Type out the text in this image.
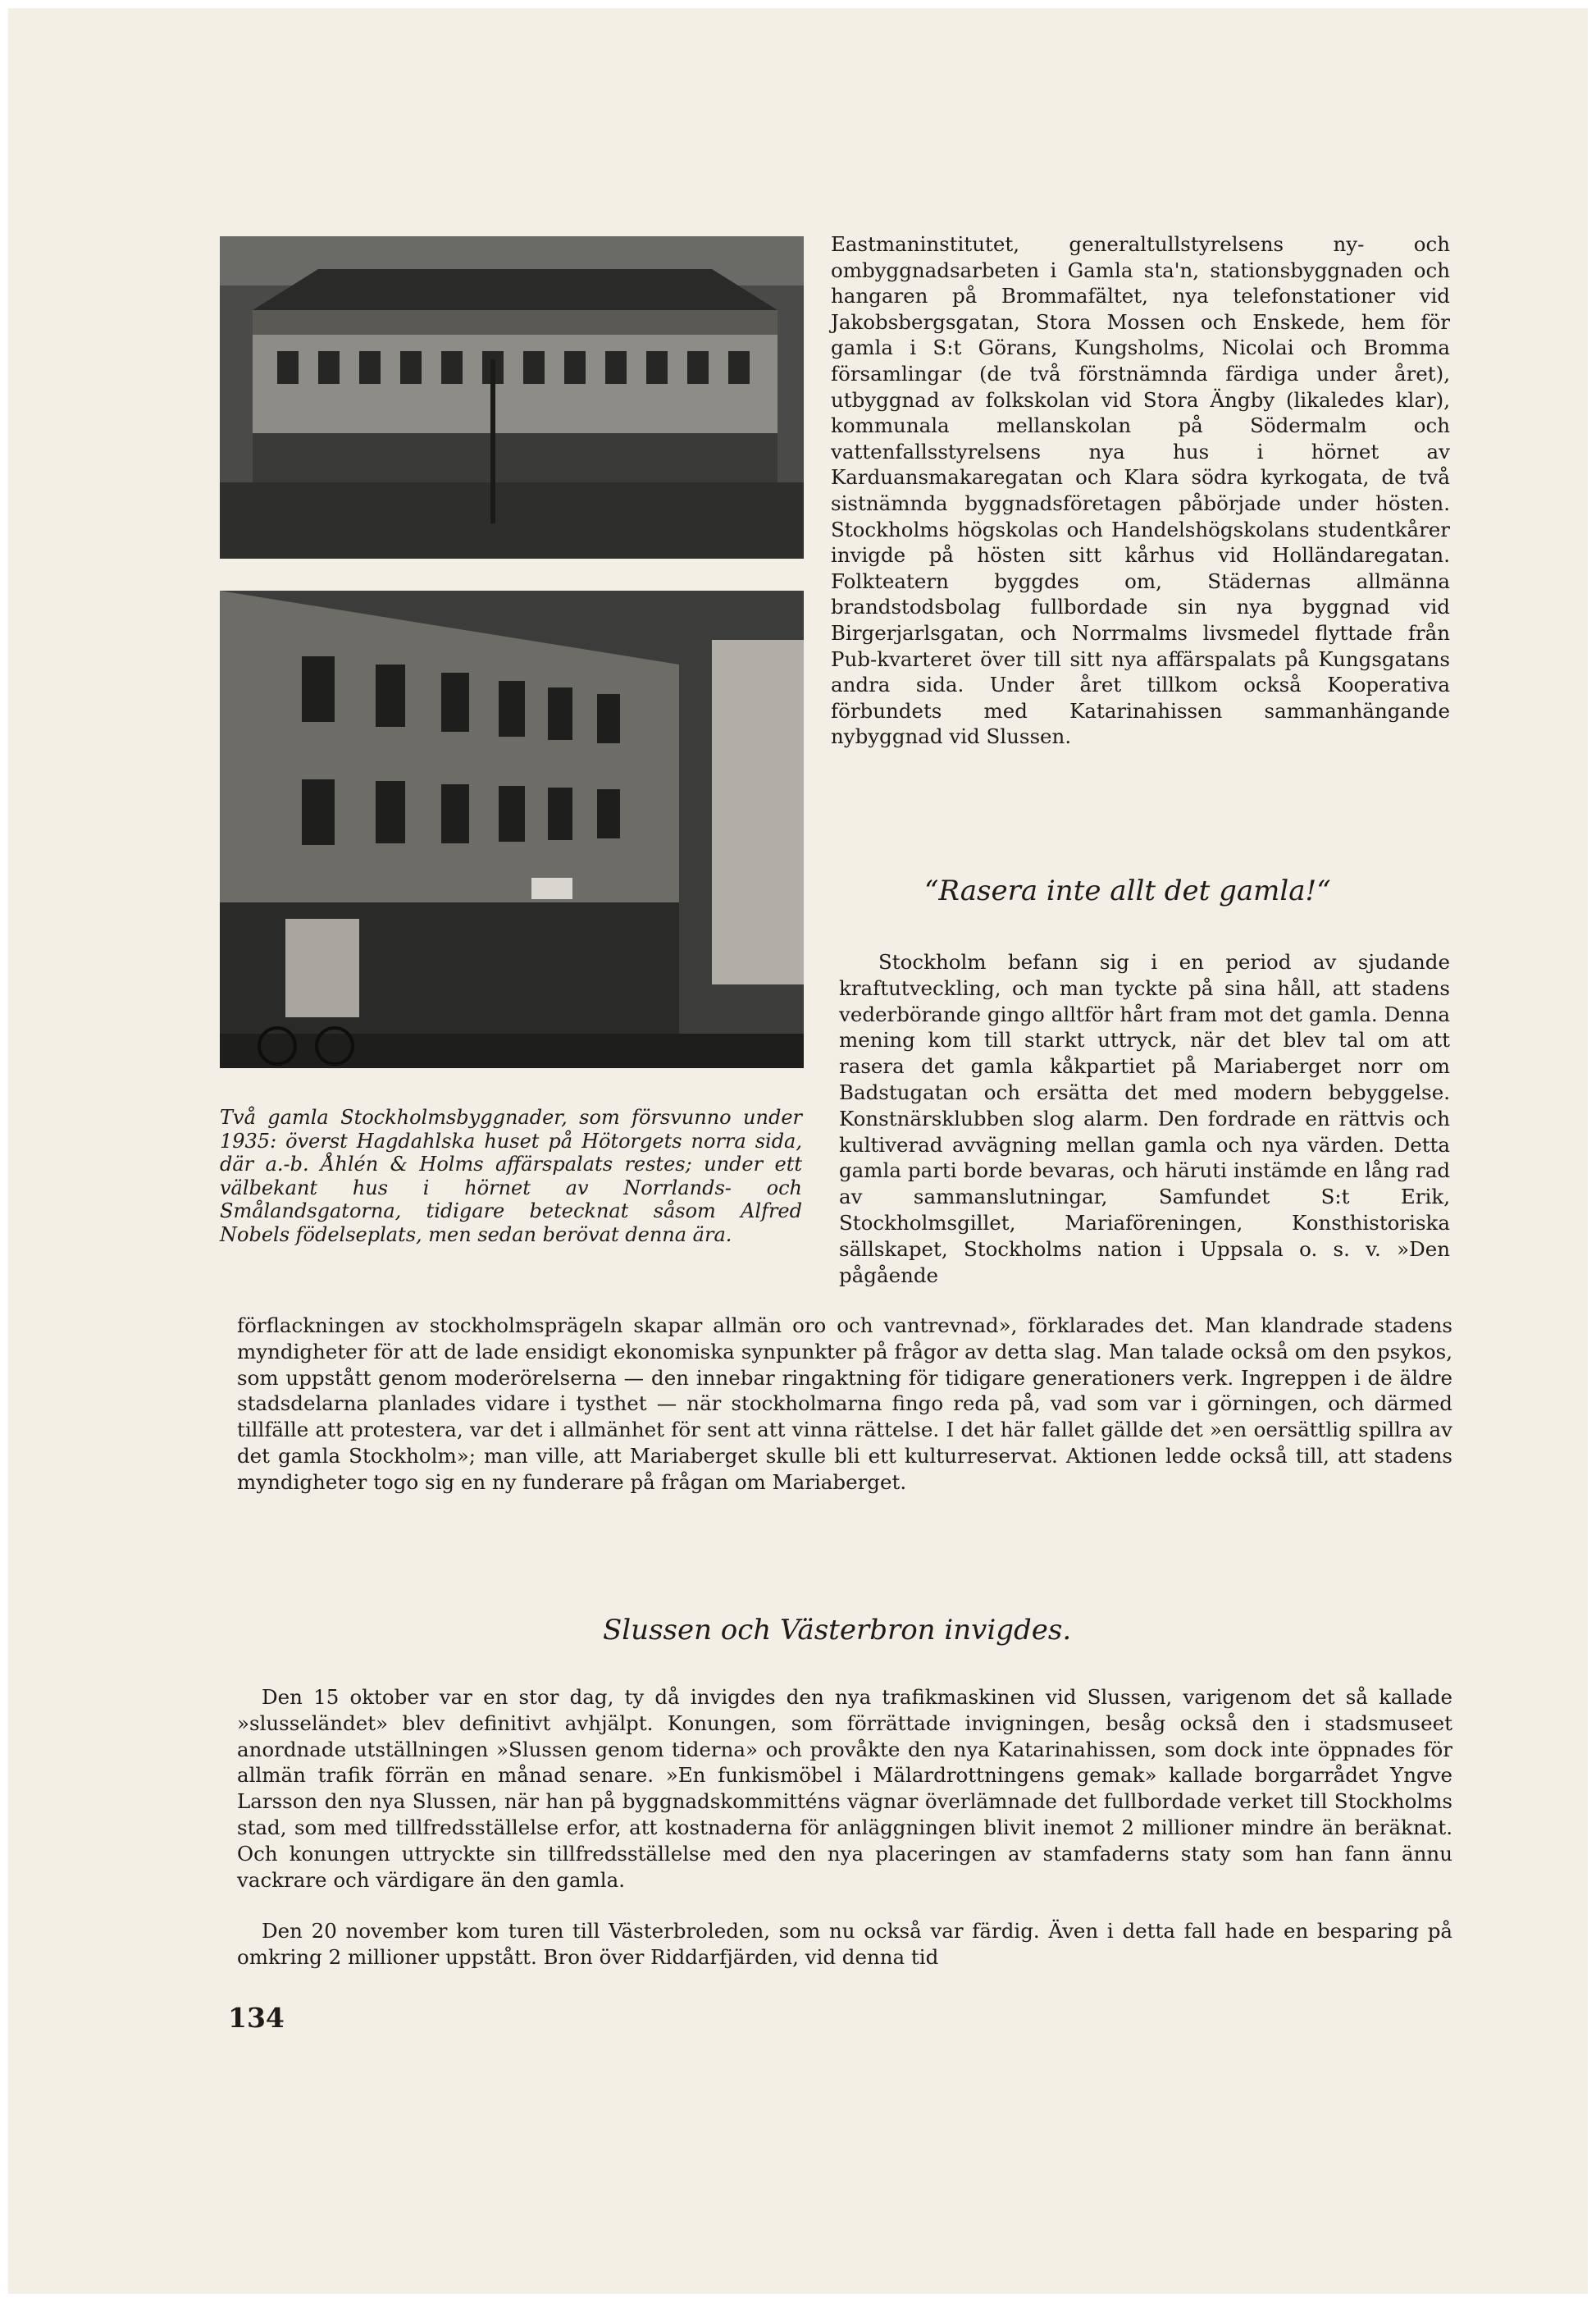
Eastmaninstitutet, generaltullstyrelsens ny- och ombyggnadsarbeten i Gamla sta'n, stationsbyggnaden och hangaren på Brommafältet, nya telefonstationer vid Jakobsbergsgatan, Stora Mossen och Enskede, hem för gamla i S:t Görans, Kungsholms, Nicolai och Bromma församlingar (de två förstnämnda färdiga under året), utbyggnad av folkskolan vid Stora Ängby (likaledes klar), kommunala mellanskolan på Södermalm och vattenfallsstyrelsens nya hus i hörnet av Karduansmakaregatan och Klara södra kyrkogata, de två sistnämnda byggnadsföretagen påbörjade under hösten. Stockholms högskolas och Handelshögskolans studentkårer invigde på hösten sitt kårhus vid Holländaregatan. Folkteatern byggdes om, Städernas allmänna brandstodsbolag fullbordade sin nya byggnad vid Birgerjarlsgatan, och Norrmalms livsmedel flyttade från Pub-kvarteret över till sitt nya affärspalats på Kungsgatans andra sida. Under året tillkom också Kooperativa förbundets med Katarinahissen sammanhängande nybyggnad vid Slussen.

Två gamla Stockholmsbyggnader, som försvunno under 1935: överst Hagdahlska huset på Hötorgets norra sida, där a.-b. Åhlén & Holms affärspalats restes; under ett välbekant hus i hörnet av Norrlands- och Smålandsgatorna, tidigare betecknat såsom Alfred Nobels födelseplats, men sedan berövat denna ära.

“Rasera inte allt det gamla!“

Stockholm befann sig i en period av sjudande kraftutveckling, och man tyckte på sina håll, att stadens vederbörande gingo alltför hårt fram mot det gamla. Denna mening kom till starkt uttryck, när det blev tal om att rasera det gamla kåkpartiet på Mariaberget norr om Badstugatan och ersätta det med modern bebyggelse. Konstnärsklubben slog alarm. Den fordrade en rättvis och kultiverad avvägning mellan gamla och nya värden. Detta gamla parti borde bevaras, och häruti instämde en lång rad av sammanslutningar, Samfundet S:t Erik, Stockholmsgillet, Mariaföreningen, Konsthistoriska sällskapet, Stockholms nation i Uppsala o. s. v. »Den pågående

förflackningen av stockholmsprägeln skapar allmän oro och vantrevnad», förklarades det. Man klandrade stadens myndigheter för att de lade ensidigt ekonomiska synpunkter på frågor av detta slag. Man talade också om den psykos, som uppstått genom moderörelserna — den innebar ringaktning för tidigare generationers verk. Ingreppen i de äldre stadsdelarna planlades vidare i tysthet — när stockholmarna fingo reda på, vad som var i görningen, och därmed tillfälle att protestera, var det i allmänhet för sent att vinna rättelse. I det här fallet gällde det »en oersättlig spillra av det gamla Stockholm»; man ville, att Mariaberget skulle bli ett kulturreservat. Aktionen ledde också till, att stadens myndigheter togo sig en ny funderare på frågan om Mariaberget.

Slussen och Västerbron invigdes.

Den 15 oktober var en stor dag, ty då invigdes den nya trafikmaskinen vid Slussen, varigenom det så kallade »slusseländet» blev definitivt avhjälpt. Konungen, som förrättade invigningen, besåg också den i stadsmuseet anordnade utställningen »Slussen genom tiderna» och provåkte den nya Katarinahissen, som dock inte öppnades för allmän trafik förrän en månad senare. »En funkismöbel i Mälardrottningens gemak» kallade borgarrådet Yngve Larsson den nya Slussen, när han på byggnadskommitténs vägnar överlämnade det fullbordade verket till Stockholms stad, som med tillfredsställelse erfor, att kostnaderna för anläggningen blivit inemot 2 millioner mindre än beräknat. Och konungen uttryckte sin tillfredsställelse med den nya placeringen av stamfaderns staty som han fann ännu vackrare och värdigare än den gamla.

Den 20 november kom turen till Västerbroleden, som nu också var färdig. Även i detta fall hade en besparing på omkring 2 millioner uppstått. Bron över Riddarfjärden, vid denna tid

134
